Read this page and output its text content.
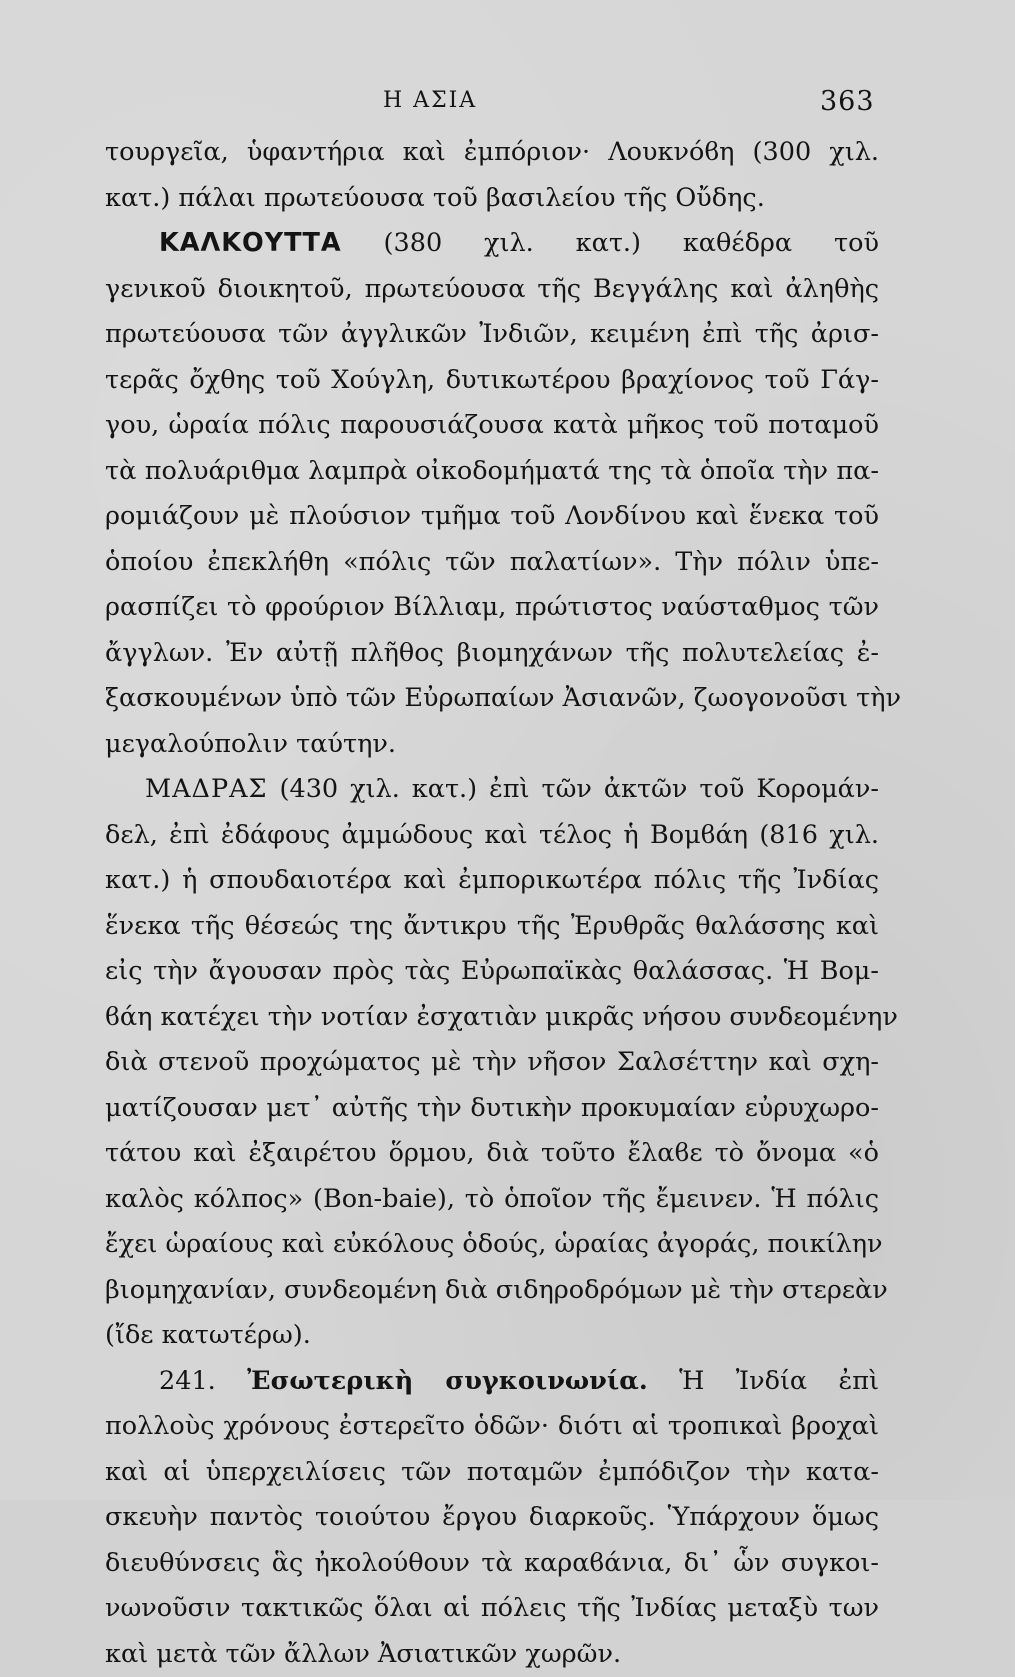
Η ΑΣΙΑ	363
τουργεῖα, ὑφαντήρια καὶ ἐμπόριον· Λουκνόϐη (300 χιλ.
κατ.) πάλαι πρωτεύουσα τοῦ βασιλείου τῆς Οὔδης.
ΚΑΛΚΟΥΤΤΑ (380 χιλ. κατ.) καθέδρα τοῦ
γενικοῦ διοικητοῦ, πρωτεύουσα τῆς Βεγγάλης καὶ ἀληθὴς
πρωτεύουσα τῶν ἀγγλικῶν Ἰνδιῶν, κειμένη ἐπὶ τῆς ἀρισ-
τερᾶς ὄχθης τοῦ Χούγλη, δυτικωτέρου βραχίονος τοῦ Γάγ-
γου, ὡραία πόλις παρουσιάζουσα κατὰ μῆκος τοῦ ποταμοῦ
τὰ πολυάριθμα λαμπρὰ οἰκοδομήματά της τὰ ὁποῖα τὴν πα-
ρομιάζουν μὲ πλούσιον τμῆμα τοῦ Λονδίνου καὶ ἕνεκα τοῦ
ὁποίου ἐπεκλήθη «πόλις τῶν παλατίων». Τὴν πόλιν ὑπε-
ρασπίζει τὸ φρούριον Βίλλιαμ, πρώτιστος ναύσταθμος τῶν
ἄγγλων. Ἐν αὐτῇ πλῆθος βιομηχάνων τῆς πολυτελείας ἐ-
ξασκουμένων ὑπὸ τῶν Εὐρωπαίων Ἀσιανῶν, ζωογονοῦσι τὴν
μεγαλούπολιν ταύτην.
ΜΑΔΡΑΣ (430 χιλ. κατ.) ἐπὶ τῶν ἀκτῶν τοῦ Κορομάν-
δελ, ἐπὶ ἐδάφους ἀμμώδους καὶ τέλος ἡ Βομϐάη (816 χιλ.
κατ.) ἡ σπουδαιοτέρα καὶ ἐμπορικωτέρα πόλις τῆς Ἰνδίας
ἕνεκα τῆς θέσεώς της ἄντικρυ τῆς Ἐρυθρᾶς θαλάσσης καὶ
εἰς τὴν ἄγουσαν πρὸς τὰς Εὐρωπαϊκὰς θαλάσσας. Ἡ Βομ-
ϐάη κατέχει τὴν νοτίαν ἐσχατιὰν μικρᾶς νήσου συνδεομένην
διὰ στενοῦ προχώματος μὲ τὴν νῆσον Σαλσέττην καὶ σχη-
ματίζουσαν μετ᾽ αὐτῆς τὴν δυτικὴν προκυμαίαν εὐρυχωρο-
τάτου καὶ ἐξαιρέτου ὅρμου, διὰ τοῦτο ἔλαϐε τὸ ὄνομα «ὁ
καλὸς κόλπος» (Bon-baie), τὸ ὁποῖον τῆς ἔμεινεν. Ἡ πόλις
ἔχει ὡραίους καὶ εὐκόλους ὁδούς, ὡραίας ἀγοράς, ποικίλην
βιομηχανίαν, συνδεομένη διὰ σιδηροδρόμων μὲ τὴν στερεὰν
(ἴδε κατωτέρω).
241. Ἐσωτερικὴ συγκοινωνία. Ἡ Ἰνδία ἐπὶ
πολλοὺς χρόνους ἐστερεῖτο ὁδῶν· διότι αἱ τροπικαὶ βροχαὶ
καὶ αἱ ὑπερχειλίσεις τῶν ποταμῶν ἐμπόδιζον τὴν κατα-
σκευὴν παντὸς τοιούτου ἔργου διαρκοῦς. Ὑπάρχουν ὅμως
διευθύνσεις ἃς ἠκολούθουν τὰ καραϐάνια, δι᾽ ὧν συγκοι-
νωνοῦσιν τακτικῶς ὅλαι αἱ πόλεις τῆς Ἰνδίας μεταξὺ των
καὶ μετὰ τῶν ἄλλων Ἀσιατικῶν χωρῶν.
